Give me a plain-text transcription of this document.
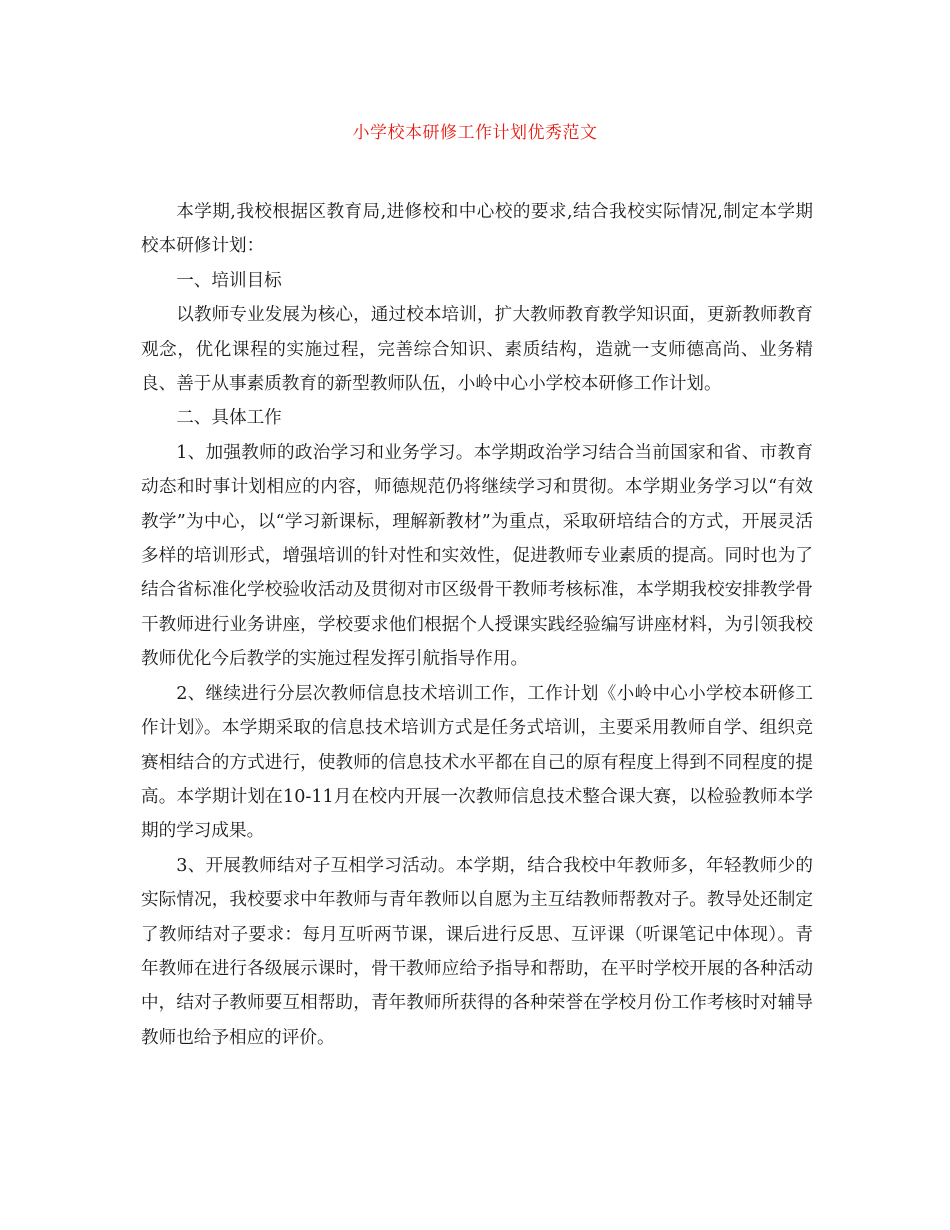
小学校本研修工作计划优秀范文

本学期,我校根据区教育局,进修校和中心校的要求,结合我校实际情况,制定本学期校本研修计划：

一、培训目标

以教师专业发展为核心，通过校本培训，扩大教师教育教学知识面，更新教师教育观念，优化课程的实施过程，完善综合知识、素质结构，造就一支师德高尚、业务精良、善于从事素质教育的新型教师队伍，小岭中心小学校本研修工作计划。

二、具体工作

1、加强教师的政治学习和业务学习。本学期政治学习结合当前国家和省、市教育动态和时事计划相应的内容，师德规范仍将继续学习和贯彻。本学期业务学习以“有效教学”为中心，以“学习新课标，理解新教材”为重点，采取研培结合的方式，开展灵活多样的培训形式，增强培训的针对性和实效性，促进教师专业素质的提高。同时也为了结合省标准化学校验收活动及贯彻对市区级骨干教师考核标准，本学期我校安排教学骨干教师进行业务讲座，学校要求他们根据个人授课实践经验编写讲座材料，为引领我校教师优化今后教学的实施过程发挥引航指导作用。

2、继续进行分层次教师信息技术培训工作，工作计划《小岭中心小学校本研修工作计划》。本学期采取的信息技术培训方式是任务式培训，主要采用教师自学、组织竞赛相结合的方式进行，使教师的信息技术水平都在自己的原有程度上得到不同程度的提高。本学期计划在10-11月在校内开展一次教师信息技术整合课大赛，以检验教师本学期的学习成果。

3、开展教师结对子互相学习活动。本学期，结合我校中年教师多，年轻教师少的实际情况，我校要求中年教师与青年教师以自愿为主互结教师帮教对子。教导处还制定了教师结对子要求：每月互听两节课，课后进行反思、互评课（听课笔记中体现）。青年教师在进行各级展示课时，骨干教师应给予指导和帮助，在平时学校开展的各种活动中，结对子教师要互相帮助，青年教师所获得的各种荣誉在学校月份工作考核时对辅导教师也给予相应的评价。
